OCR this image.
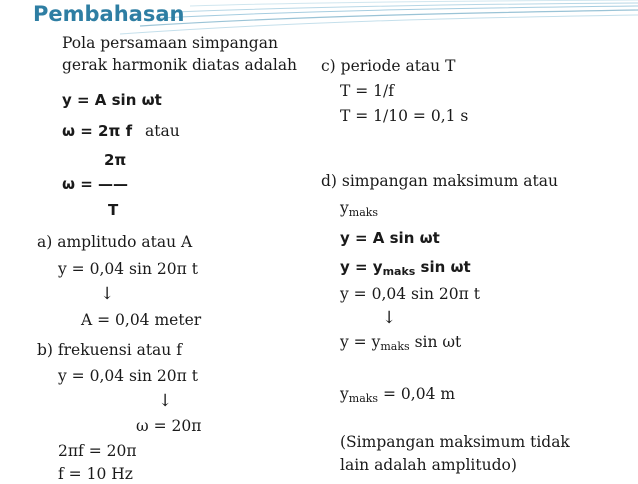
Pembahasan
Pola persamaan simpangan
gerak harmonik diatas adalah
y = A sin ωt
ω = 2π f atau
2π
ω = ——
T
a) amplitudo atau A
y = 0,04 sin 20π t
↓
A = 0,04 meter
b) frekuensi atau f
y = 0,04 sin 20π t
↓
ω = 20π
2πf = 20π
f = 10 Hz
c) periode atau T
T = 1/f
T = 1/10 = 0,1 s
d) simpangan maksimum atau
$y_{maks}$
y = A sin ωt
$y = y_{maks}$ sin ωt
y = 0,04 sin 20π t
↓
$y = y_{maks}$ sin ωt
$y_{maks} = 0,04$ m
(Simpangan maksimum tidak
lain adalah amplitudo)
